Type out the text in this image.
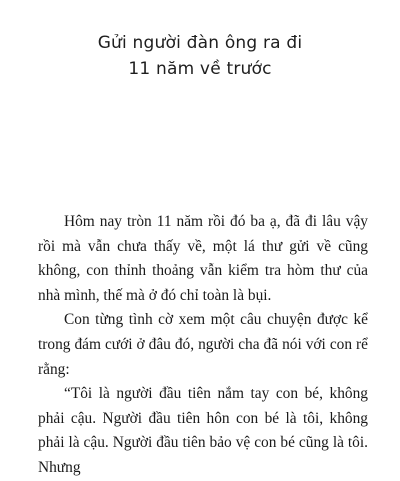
Gửi người đàn ông ra đi
11 năm về trước

Hôm nay tròn 11 năm rồi đó ba ạ, đã đi lâu vậy rồi mà vẫn chưa thấy về, một lá thư gửi về cũng không, con thỉnh thoảng vẫn kiểm tra hòm thư của nhà mình, thế mà ở đó chỉ toàn là bụi.

Con từng tình cờ xem một câu chuyện được kể trong đám cưới ở đâu đó, người cha đã nói với con rể rằng:

“Tôi là người đầu tiên nắm tay con bé, không phải cậu. Người đầu tiên hôn con bé là tôi, không phải là cậu. Người đầu tiên bảo vệ con bé cũng là tôi. Nhưng
